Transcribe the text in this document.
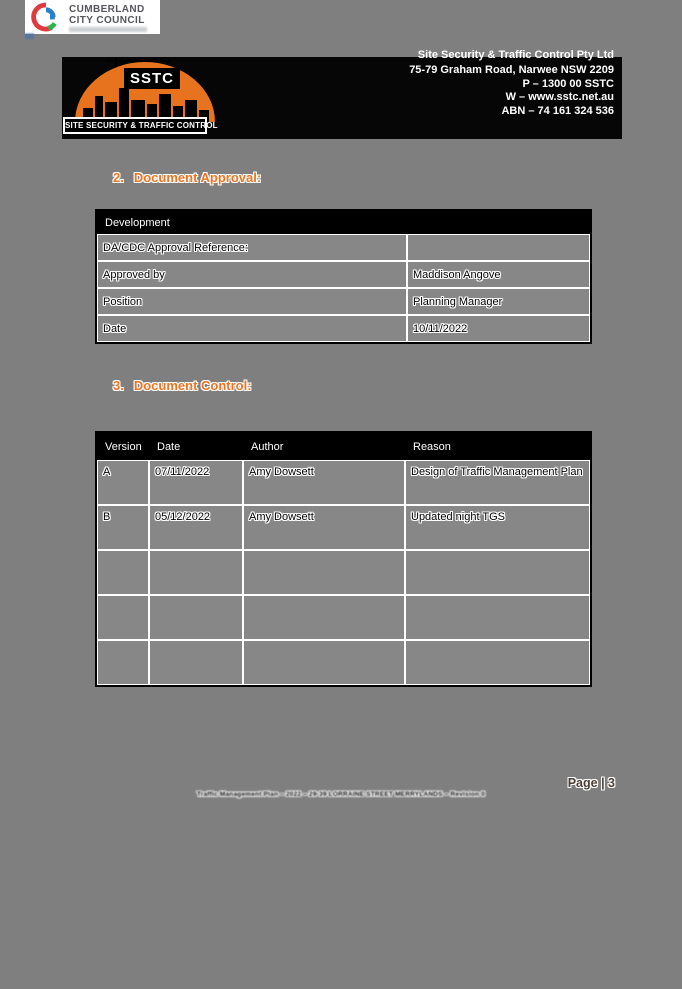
CUMBERLAND
CITY COUNCIL
SSTC
SITE SECURITY & TRAFFIC CONTROL
Site Security & Traffic Control Pty Ltd
75-79 Graham Road, Narwee NSW 2209
P – 1300 00 SSTC
W – www.sstc.net.au
ABN – 74 161 324 536
2. Document Approval:
Development	
DA/CDC Approval Reference:	
Approved by	Maddison Angove
Position	Planning Manager
Date	10/11/2022
3. Document Control:
Version	Date	Author	Reason
A	07/11/2022	Amy Dowsett	Design of Traffic Management Plan
B	05/12/2022	Amy Dowsett	Updated night TGS

Page | 3
Traffic Management Plan – 2022 – 29-39 LORRAINE STREET MERRYLANDS – Revision 0
